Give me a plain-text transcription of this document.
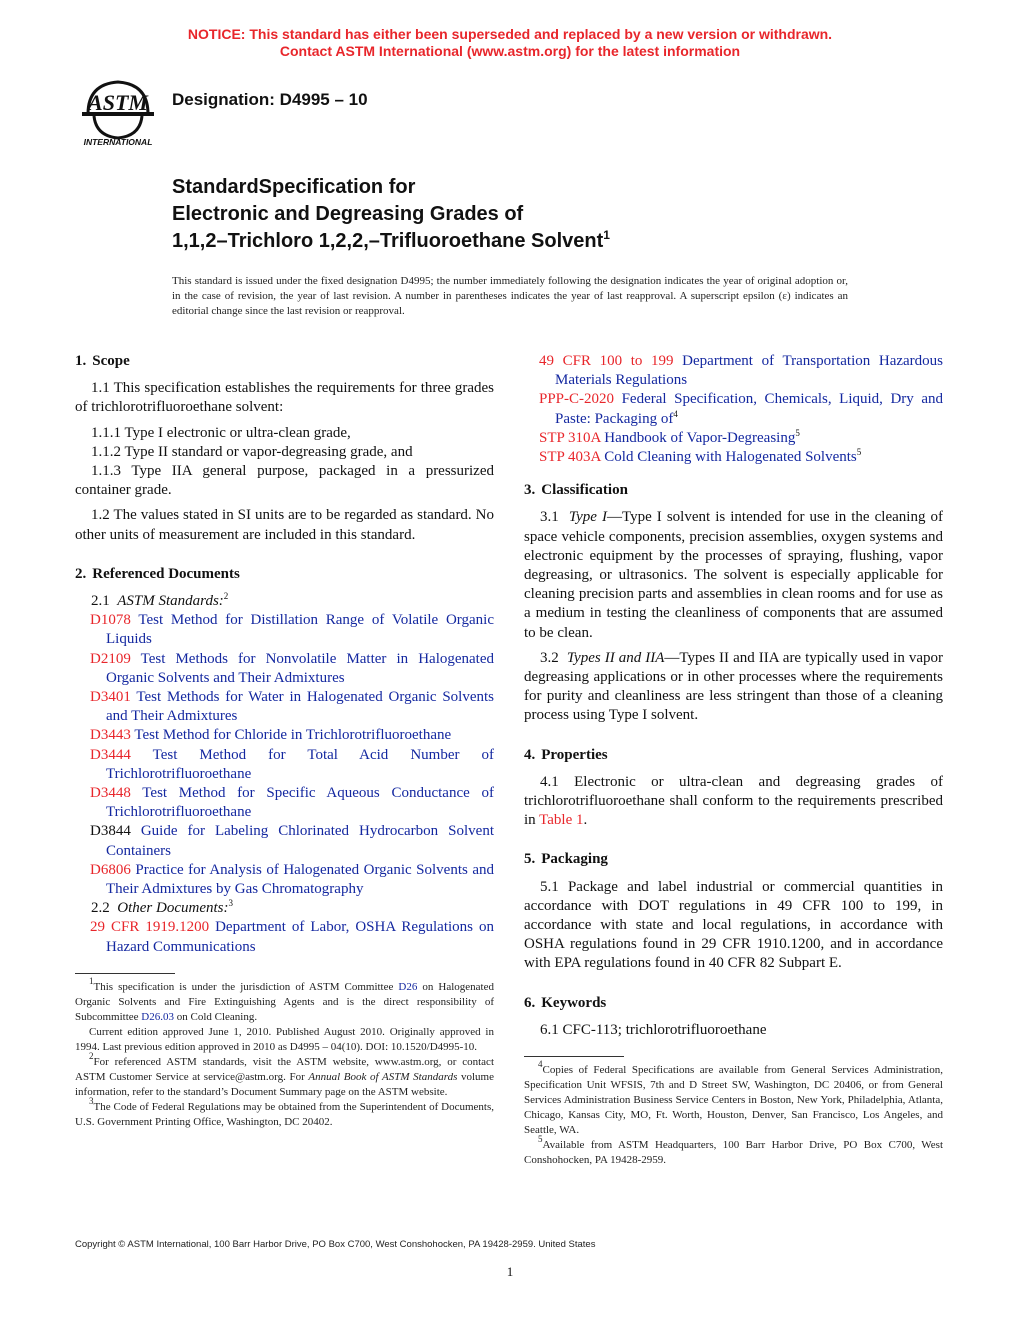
NOTICE: This standard has either been superseded and replaced by a new version or withdrawn.
Contact ASTM International (www.astm.org) for the latest information
ASTM
INTERNATIONAL
Designation: D4995 – 10
StandardSpecification for
Electronic and Degreasing Grades of
1,1,2–Trichloro 1,2,2,–Trifluoroethane Solvent$^1$
This standard is issued under the fixed designation D4995; the number immediately following the designation indicates the year of original adoption or, in the case of revision, the year of last revision. A number in parentheses indicates the year of last reapproval. A superscript epsilon (ε) indicates an editorial change since the last revision or reapproval.
1. Scope

1.1 This specification establishes the requirements for three grades of trichlorotrifluoroethane solvent:

1.1.1 Type I electronic or ultra-clean grade,

1.1.2 Type II standard or vapor-degreasing grade, and

1.1.3 Type IIA general purpose, packaged in a pressurized container grade.

1.2 The values stated in SI units are to be regarded as standard. No other units of measurement are included in this standard.

2. Referenced Documents

2.1 ASTM Standards:$^2$

D1078 Test Method for Distillation Range of Volatile Organic Liquids
D2109 Test Methods for Nonvolatile Matter in Halogenated Organic Solvents and Their Admixtures
D3401 Test Methods for Water in Halogenated Organic Solvents and Their Admixtures
D3443 Test Method for Chloride in Trichlorotrifluoroethane
D3444 Test Method for Total Acid Number of Trichlorotrifluoroethane
D3448 Test Method for Specific Aqueous Conductance of Trichlorotrifluoroethane
D3844 Guide for Labeling Chlorinated Hydrocarbon Solvent Containers
D6806 Practice for Analysis of Halogenated Organic Solvents and Their Admixtures by Gas Chromatography

2.2 Other Documents:$^3$

29 CFR 1919.1200 Department of Labor, OSHA Regulations on Hazard Communications

$^1$This specification is under the jurisdiction of ASTM Committee D26 on Halogenated Organic Solvents and Fire Extinguishing Agents and is the direct responsibility of Subcommittee D26.03 on Cold Cleaning.

Current edition approved June 1, 2010. Published August 2010. Originally approved in 1994. Last previous edition approved in 2010 as D4995 – 04(10). DOI: 10.1520/D4995-10.

$^2$For referenced ASTM standards, visit the ASTM website, www.astm.org, or contact ASTM Customer Service at service@astm.org. For Annual Book of ASTM Standards volume information, refer to the standard’s Document Summary page on the ASTM website.

$^3$The Code of Federal Regulations may be obtained from the Superintendent of Documents, U.S. Government Printing Office, Washington, DC 20402.

49 CFR 100 to 199 Department of Transportation Hazardous Materials Regulations
PPP-C-2020 Federal Specification, Chemicals, Liquid, Dry and Paste: Packaging $of^4$
STP 310A Handbook of Vapor-Degreasing$^5$
STP 403A Cold Cleaning with Halogenated Solvents$^5$
3. Classification

3.1 Type I—Type I solvent is intended for use in the cleaning of space vehicle components, precision assemblies, oxygen systems and electronic equipment by the processes of spraying, flushing, vapor degreasing, or ultrasonics. The solvent is especially applicable for cleaning precision parts and assemblies in clean rooms and for use as a medium in testing the cleanliness of components that are assumed to be clean.

3.2 Types II and IIA—Types II and IIA are typically used in vapor degreasing applications or in other processes where the requirements for purity and cleanliness are less stringent than those of a cleaning process using Type I solvent.

4. Properties

4.1 Electronic or ultra-clean and degreasing grades of trichlorotrifluoroethane shall conform to the requirements prescribed in Table 1.

5. Packaging

5.1 Package and label industrial or commercial quantities in accordance with DOT regulations in 49 CFR 100 to 199, in accordance with state and local regulations, in accordance with OSHA regulations found in 29 CFR 1910.1200, and in accordance with EPA regulations found in 40 CFR 82 Subpart E.

6. Keywords

6.1 CFC-113; trichlorotrifluoroethane

$^4$Copies of Federal Specifications are available from General Services Administration, Specification Unit WFSIS, 7th and D Street SW, Washington, DC 20406, or from General Services Administration Business Service Centers in Boston, New York, Philadelphia, Atlanta, Chicago, Kansas City, MO, Ft. Worth, Houston, Denver, San Francisco, Los Angeles, and Seattle, WA.

$^5$Available from ASTM Headquarters, 100 Barr Harbor Drive, PO Box C700, West Conshohocken, PA 19428-2959.

Copyright © ASTM International, 100 Barr Harbor Drive, PO Box C700, West Conshohocken, PA 19428-2959. United States
1
